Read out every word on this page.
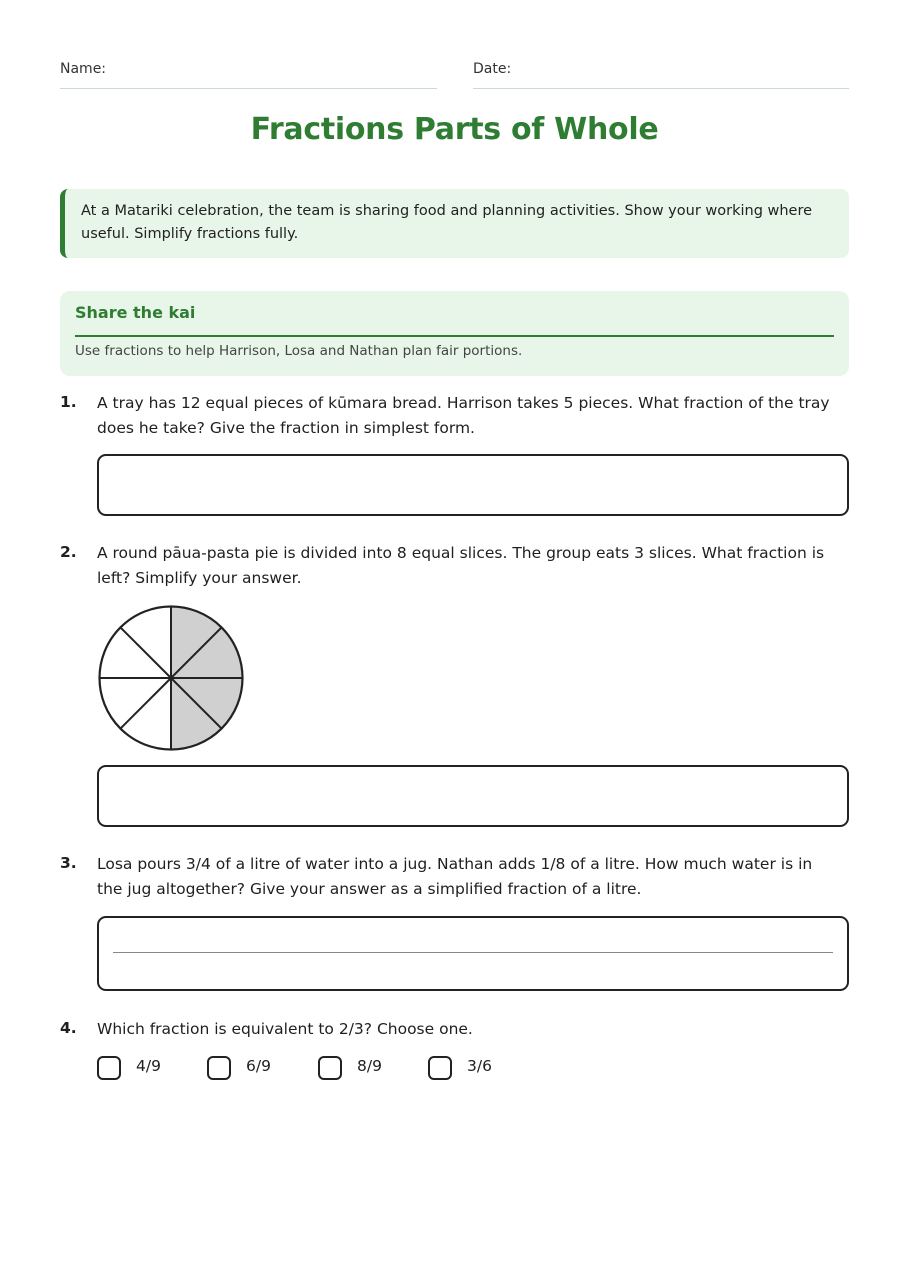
Name:	Date:
Fractions Parts of Whole
At a Matariki celebration, the team is sharing food and planning activities. Show your working where useful. Simplify fractions fully.
Share the kai
Use fractions to help Harrison, Losa and Nathan plan fair portions.
1. A tray has 12 equal pieces of kūmara bread. Harrison takes 5 pieces. What fraction of the tray does he take? Give the fraction in simplest form.
2. A round pāua-pasta pie is divided into 8 equal slices. The group eats 3 slices. What fraction is left? Simplify your answer.
3. Losa pours 3/4 of a litre of water into a jug. Nathan adds 1/8 of a litre. How much water is in the jug altogether? Give your answer as a simplified fraction of a litre.
4. Which fraction is equivalent to 2/3? Choose one.
4/9	6/9	8/9	3/6
